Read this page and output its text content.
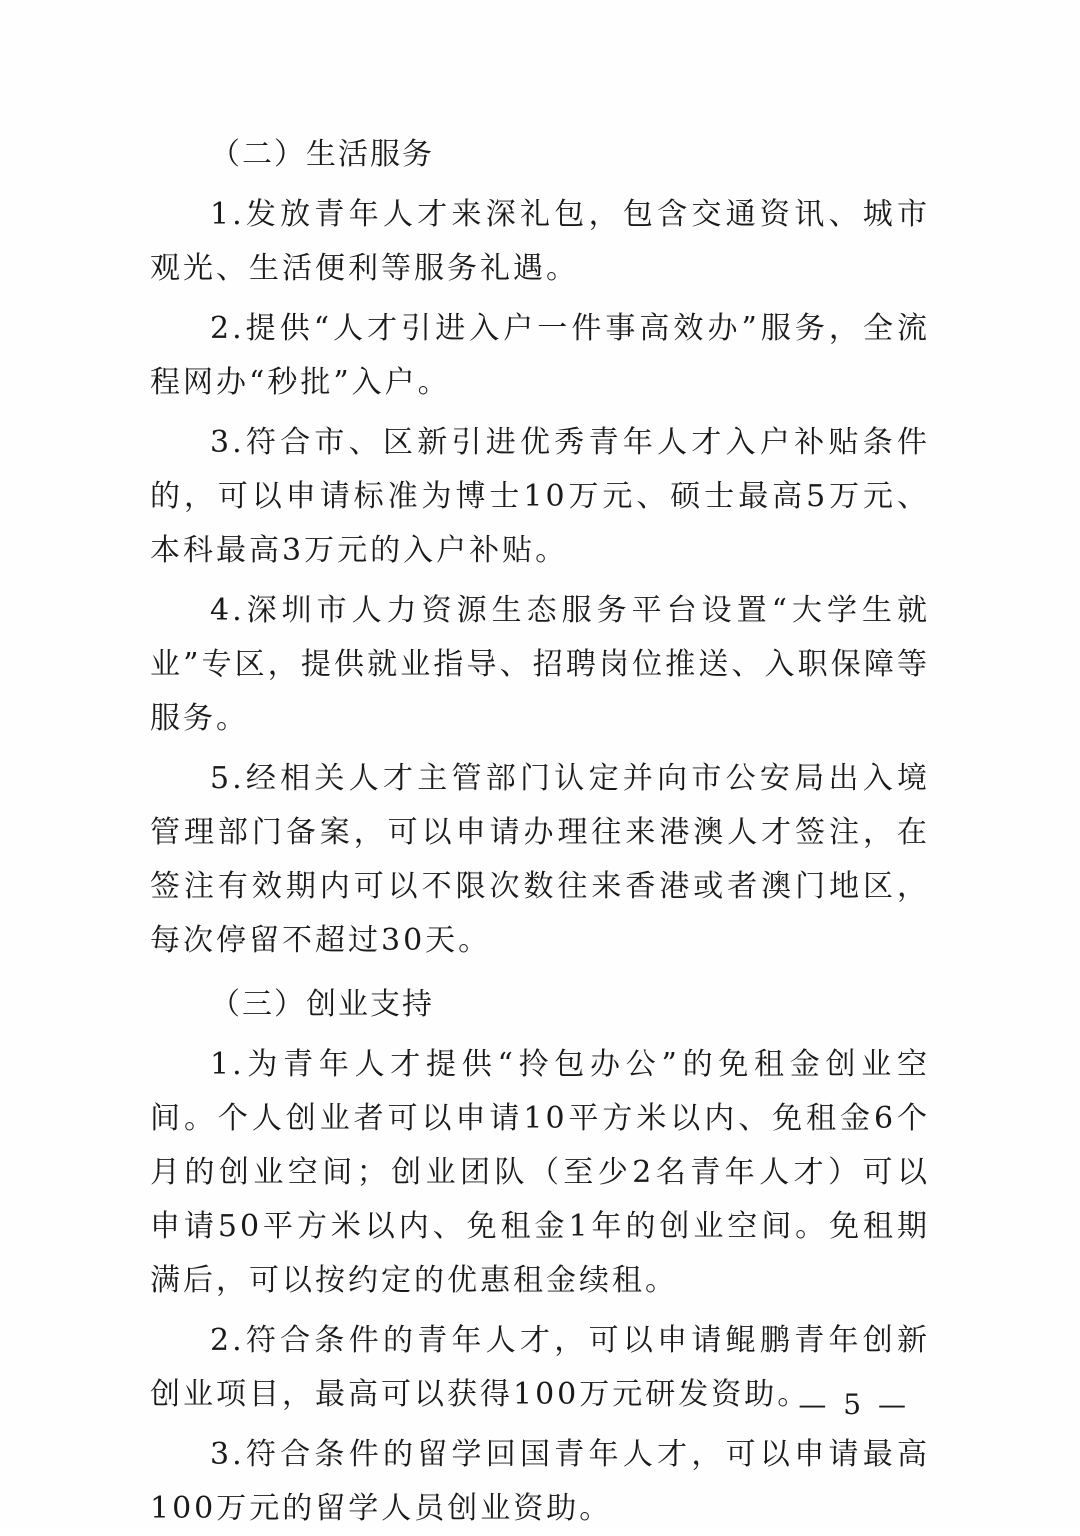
（二）生活服务

1.发放青年人才来深礼包，包含交通资讯、城市观光、生活便利等服务礼遇。

2.提供“人才引进入户一件事高效办”服务，全流程网办“秒批”入户。

3.符合市、区新引进优秀青年人才入户补贴条件的，可以申请标准为博士10万元、硕士最高5万元、本科最高3万元的入户补贴。

4.深圳市人力资源生态服务平台设置“大学生就业”专区，提供就业指导、招聘岗位推送、入职保障等服务。

5.经相关人才主管部门认定并向市公安局出入境管理部门备案，可以申请办理往来港澳人才签注，在签注有效期内可以不限次数往来香港或者澳门地区，每次停留不超过30天。

（三）创业支持

1.为青年人才提供“拎包办公”的免租金创业空间。个人创业者可以申请10平方米以内、免租金6个月的创业空间；创业团队（至少2名青年人才）可以申请50平方米以内、免租金1年的创业空间。免租期满后，可以按约定的优惠租金续租。

2.符合条件的青年人才，可以申请鲲鹏青年创新创业项目，最高可以获得100万元研发资助。

3.符合条件的留学回国青年人才，可以申请最高100万元的留学人员创业资助。

— 5 —
